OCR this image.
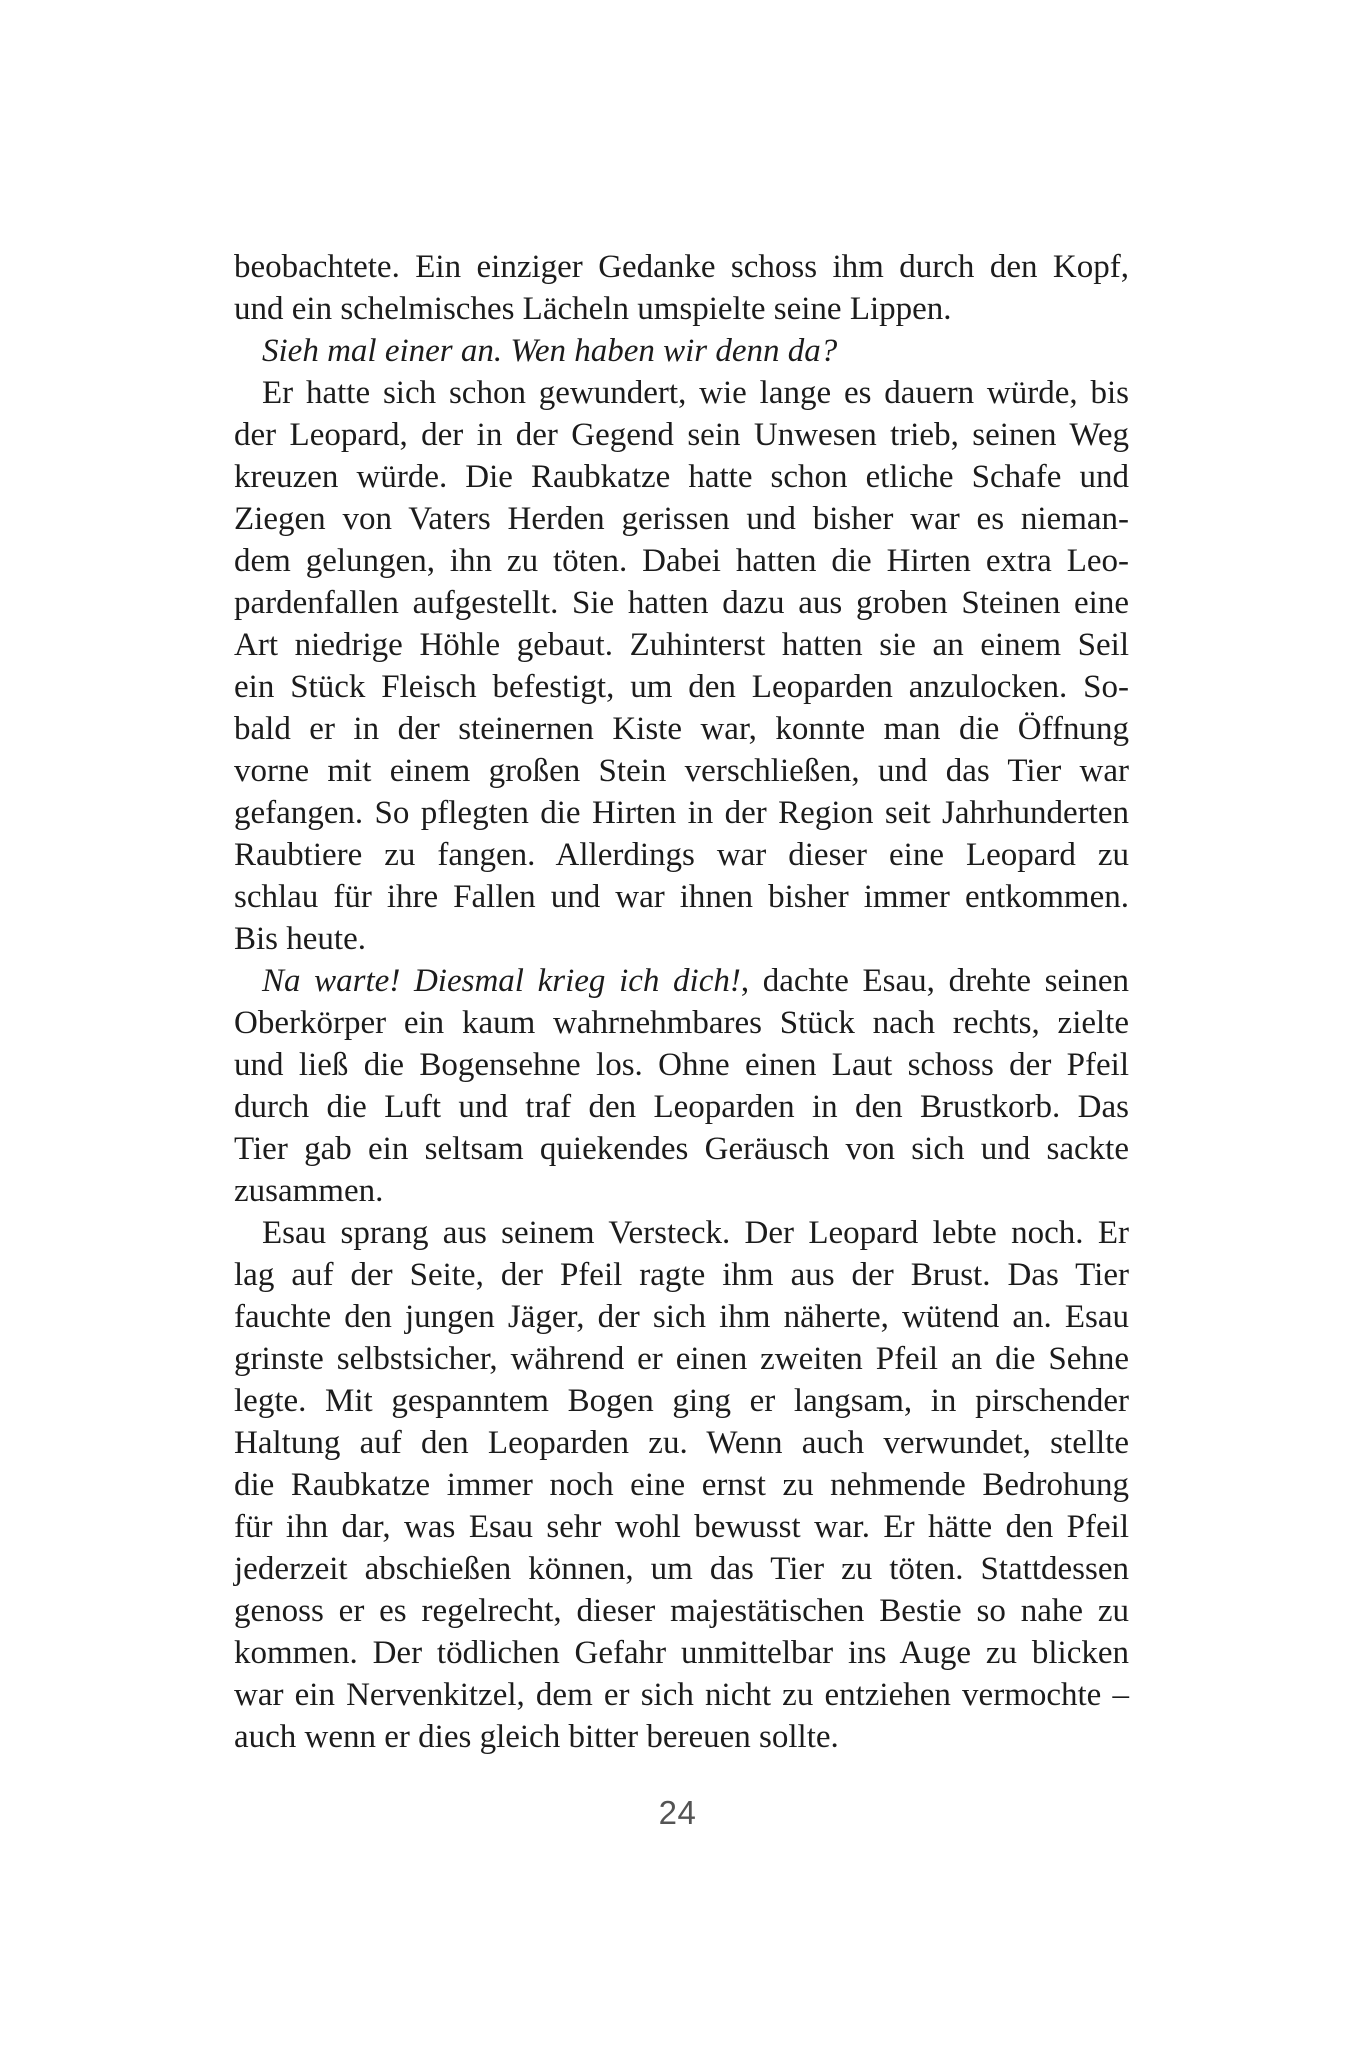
beobachtete. Ein einziger Gedanke schoss ihm durch den Kopf,

und ein schelmisches Lächeln umspielte seine Lippen.

Sieh mal einer an. Wen haben wir denn da?

Er hatte sich schon gewundert, wie lange es dauern würde, bis

der Leopard, der in der Gegend sein Unwesen trieb, seinen Weg

kreuzen würde. Die Raubkatze hatte schon etliche Schafe und

Ziegen von Vaters Herden gerissen und bisher war es nieman-

dem gelungen, ihn zu töten. Dabei hatten die Hirten extra Leo-

pardenfallen aufgestellt. Sie hatten dazu aus groben Steinen eine

Art niedrige Höhle gebaut. Zuhinterst hatten sie an einem Seil

ein Stück Fleisch befestigt, um den Leoparden anzulocken. So-

bald er in der steinernen Kiste war, konnte man die Öffnung

vorne mit einem großen Stein verschließen, und das Tier war

gefangen. So pflegten die Hirten in der Region seit Jahrhunderten

Raubtiere zu fangen. Allerdings war dieser eine Leopard zu

schlau für ihre Fallen und war ihnen bisher immer entkommen.

Bis heute.

Na warte! Diesmal krieg ich dich!, dachte Esau, drehte seinen

Oberkörper ein kaum wahrnehmbares Stück nach rechts, zielte

und ließ die Bogensehne los. Ohne einen Laut schoss der Pfeil

durch die Luft und traf den Leoparden in den Brustkorb. Das

Tier gab ein seltsam quiekendes Geräusch von sich und sackte

zusammen.

Esau sprang aus seinem Versteck. Der Leopard lebte noch. Er

lag auf der Seite, der Pfeil ragte ihm aus der Brust. Das Tier

fauchte den jungen Jäger, der sich ihm näherte, wütend an. Esau

grinste selbstsicher, während er einen zweiten Pfeil an die Sehne

legte. Mit gespanntem Bogen ging er langsam, in pirschender

Haltung auf den Leoparden zu. Wenn auch verwundet, stellte

die Raubkatze immer noch eine ernst zu nehmende Bedrohung

für ihn dar, was Esau sehr wohl bewusst war. Er hätte den Pfeil

jederzeit abschießen können, um das Tier zu töten. Stattdessen

genoss er es regelrecht, dieser majestätischen Bestie so nahe zu

kommen. Der tödlichen Gefahr unmittelbar ins Auge zu blicken

war ein Nervenkitzel, dem er sich nicht zu entziehen vermochte –

auch wenn er dies gleich bitter bereuen sollte.

24
